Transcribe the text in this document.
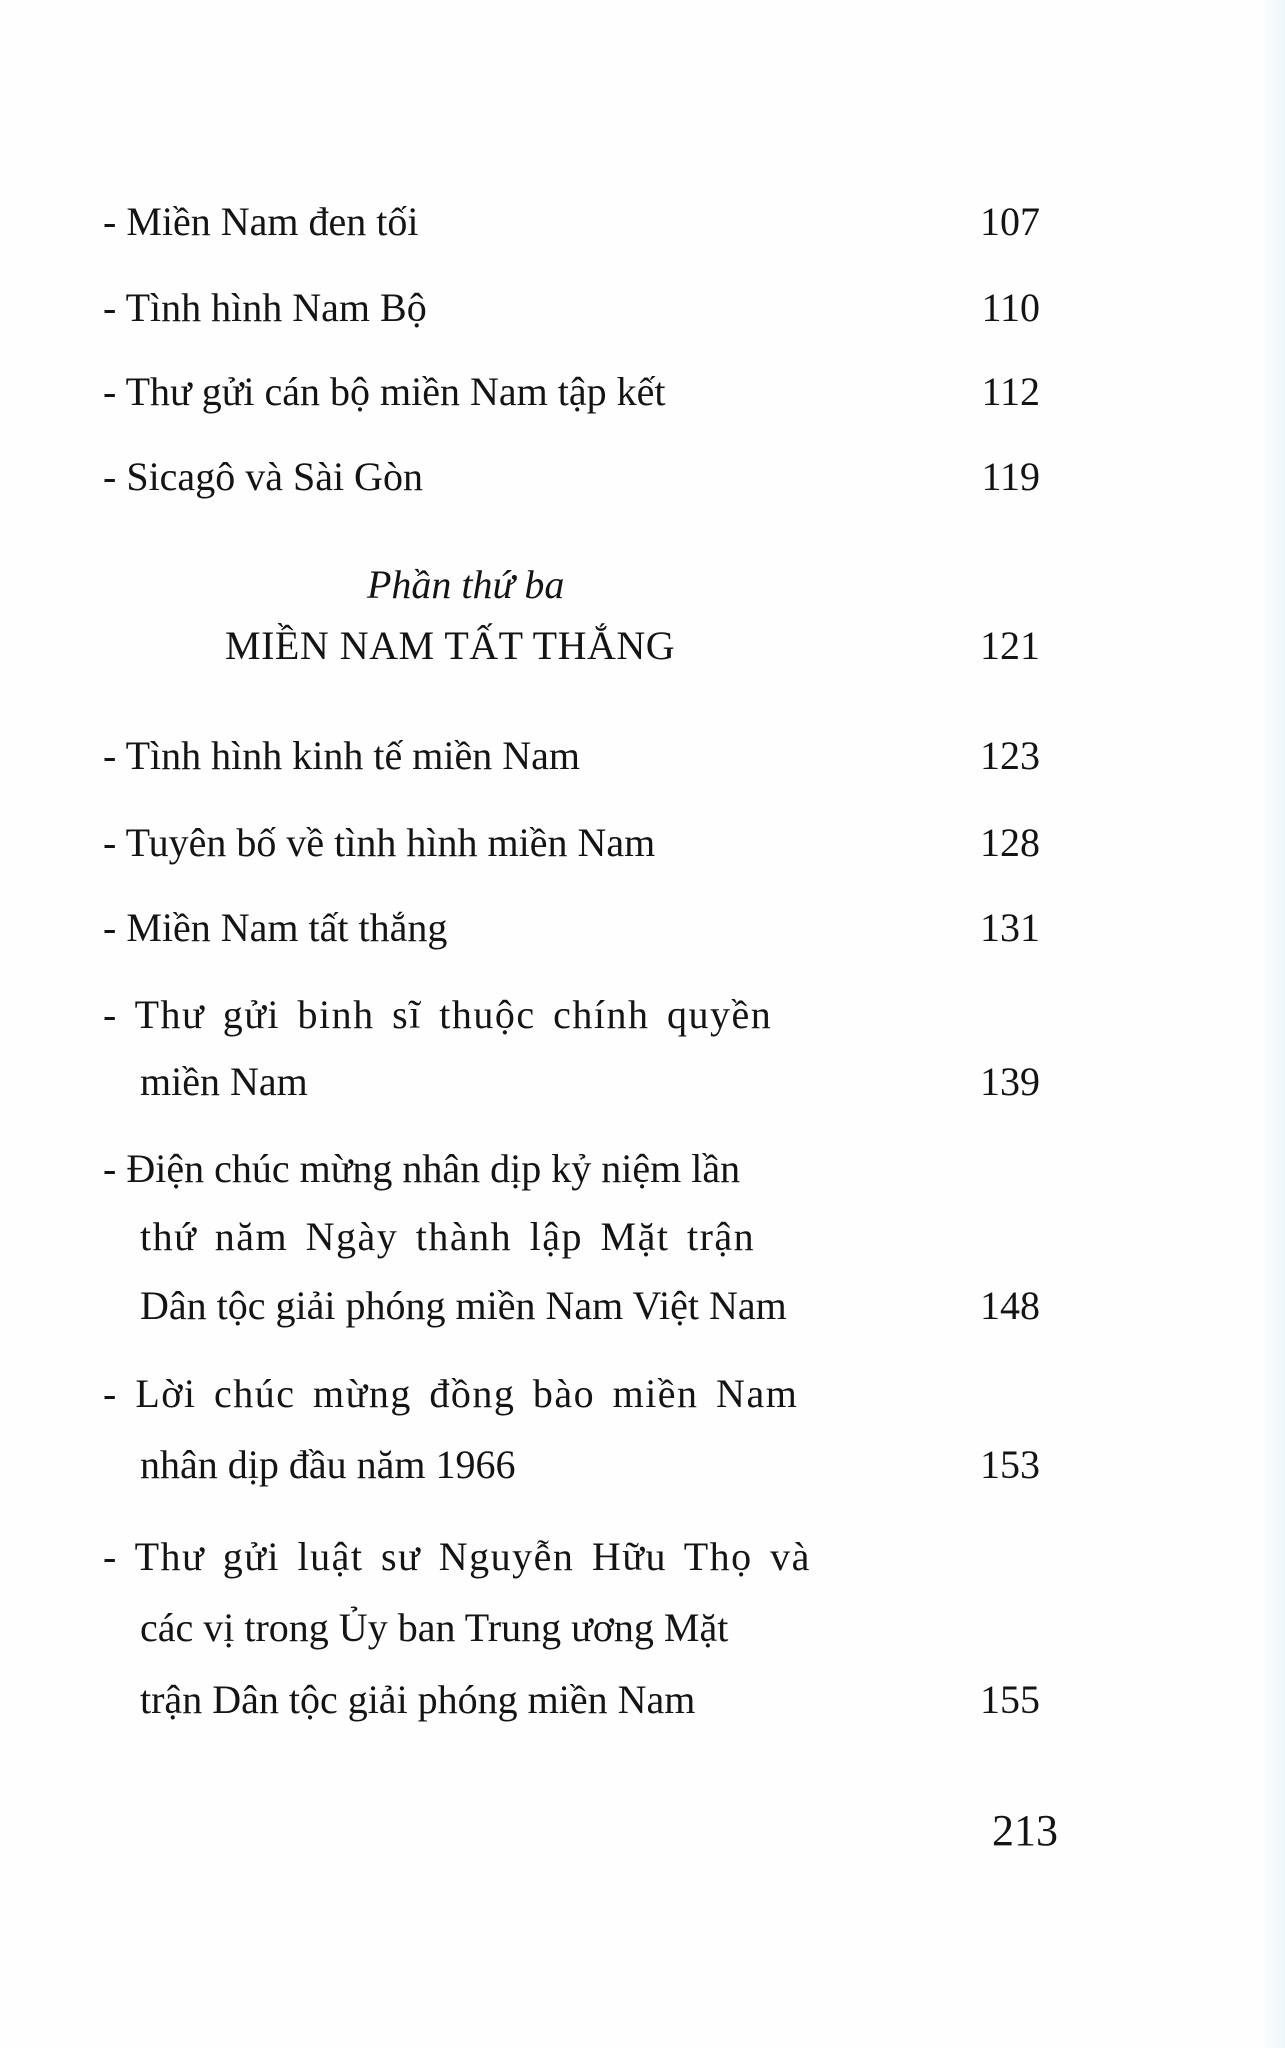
- Miền Nam đen tối	107
- Tình hình Nam Bộ	110
- Thư gửi cán bộ miền Nam tập kết	112
- Sicagô và Sài Gòn	119
Phần thứ ba
MIỀN NAM TẤT THẮNG	121
- Tình hình kinh tế miền Nam	123
- Tuyên bố về tình hình miền Nam	128
- Miền Nam tất thắng	131
- Thư gửi binh sĩ thuộc chính quyền
miền Nam	139
- Điện chúc mừng nhân dịp kỷ niệm lần
thứ năm Ngày thành lập Mặt trận
Dân tộc giải phóng miền Nam Việt Nam	148
- Lời chúc mừng đồng bào miền Nam
nhân dịp đầu năm 1966	153
- Thư gửi luật sư Nguyễn Hữu Thọ và
các vị trong Ủy ban Trung ương Mặt
trận Dân tộc giải phóng miền Nam	155
213
